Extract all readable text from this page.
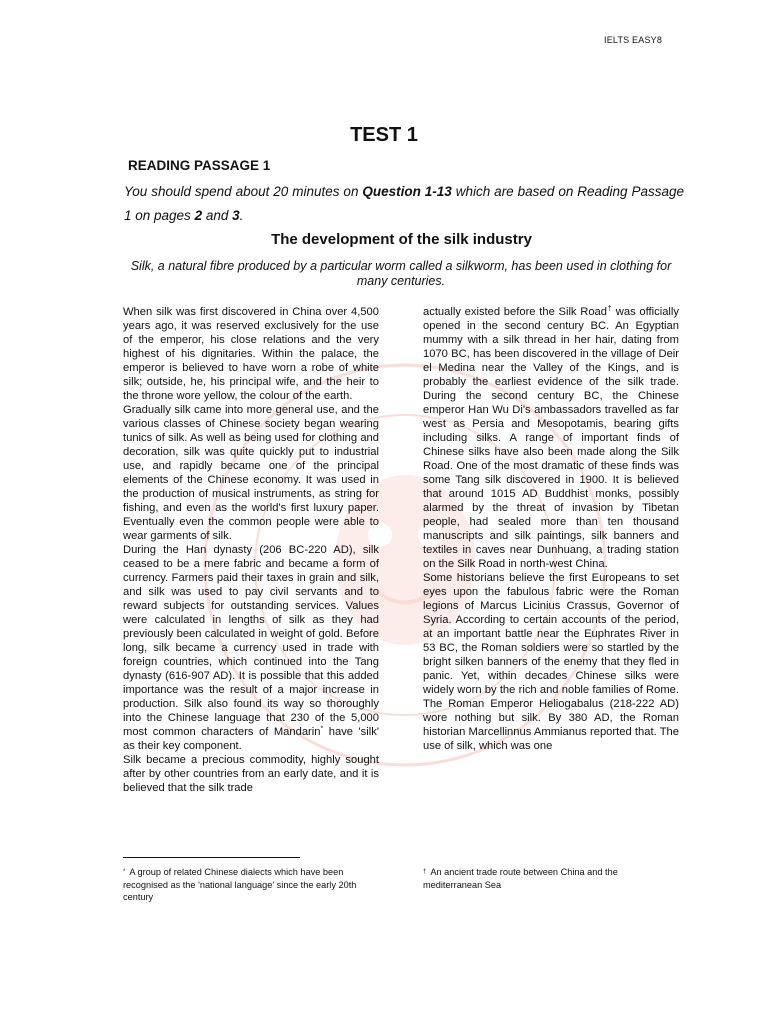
IELTS EASY8
TEST 1
READING PASSAGE 1
You should spend about 20 minutes on Question 1-13 which are based on Reading Passage 1 on pages 2 and 3.
The development of the silk industry
Silk, a natural fibre produced by a particular worm called a silkworm, has been used in clothing for many centuries.

When silk was first discovered in China over 4,500 years ago, it was reserved exclusively for the use of the emperor, his close relations and the very highest of his dignitaries. Within the palace, the emperor is believed to have worn a robe of white silk; outside, he, his principal wife, and the heir to the throne wore yellow, the colour of the earth.

Gradually silk came into more general use, and the various classes of Chinese society began wearing tunics of silk. As well as being used for clothing and decoration, silk was quite quickly put to industrial use, and rapidly became one of the principal elements of the Chinese economy. It was used in the production of musical instruments, as string for fishing, and even as the world's first luxury paper. Eventually even the common people were able to wear garments of silk.

During the Han dynasty (206 BC-220 AD), silk ceased to be a mere fabric and became a form of currency. Farmers paid their taxes in grain and silk, and silk was used to pay civil servants and to reward subjects for outstanding services. Values were calculated in lengths of silk as they had previously been calculated in weight of gold. Before long, silk became a currency used in trade with foreign countries, which continued into the Tang dynasty (616-907 AD). It is possible that this added importance was the result of a major increase in production. Silk also found its way so thoroughly into the Chinese language that 230 of the 5,000 most common characters of Mandarin* have 'silk' as their key component.

Silk became a precious commodity, highly sought after by other countries from an early date, and it is believed that the silk trade

actually existed before the Silk Road† was officially opened in the second century BC. An Egyptian mummy with a silk thread in her hair, dating from 1070 BC, has been discovered in the village of Deir el Medina near the Valley of the Kings, and is probably the earliest evidence of the silk trade. During the second century BC, the Chinese emperor Han Wu Di's ambassadors travelled as far west as Persia and Mesopotamis, bearing gifts including silks. A range of important finds of Chinese silks have also been made along the Silk Road. One of the most dramatic of these finds was some Tang silk discovered in 1900. It is believed that around 1015 AD Buddhist monks, possibly alarmed by the threat of invasion by Tibetan people, had sealed more than ten thousand manuscripts and silk paintings, silk banners and textiles in caves near Dunhuang, a trading station on the Silk Road in north-west China.

Some historians believe the first Europeans to set eyes upon the fabulous fabric were the Roman legions of Marcus Licinius Crassus, Governor of Syria. According to certain accounts of the period, at an important battle near the Euphrates River in 53 BC, the Roman soldiers were so startled by the bright silken banners of the enemy that they fled in panic. Yet, within decades Chinese silks were widely worn by the rich and noble families of Rome. The Roman Emperor Heliogabalus (218-222 AD) wore nothing but silk. By 380 AD, the Roman historian Marcellinnus Ammianus reported that. The use of silk, which was one

* A group of related Chinese dialects which have been recognised as the 'national language' since the early 20th century
† An ancient trade route between China and the mediterranean Sea
